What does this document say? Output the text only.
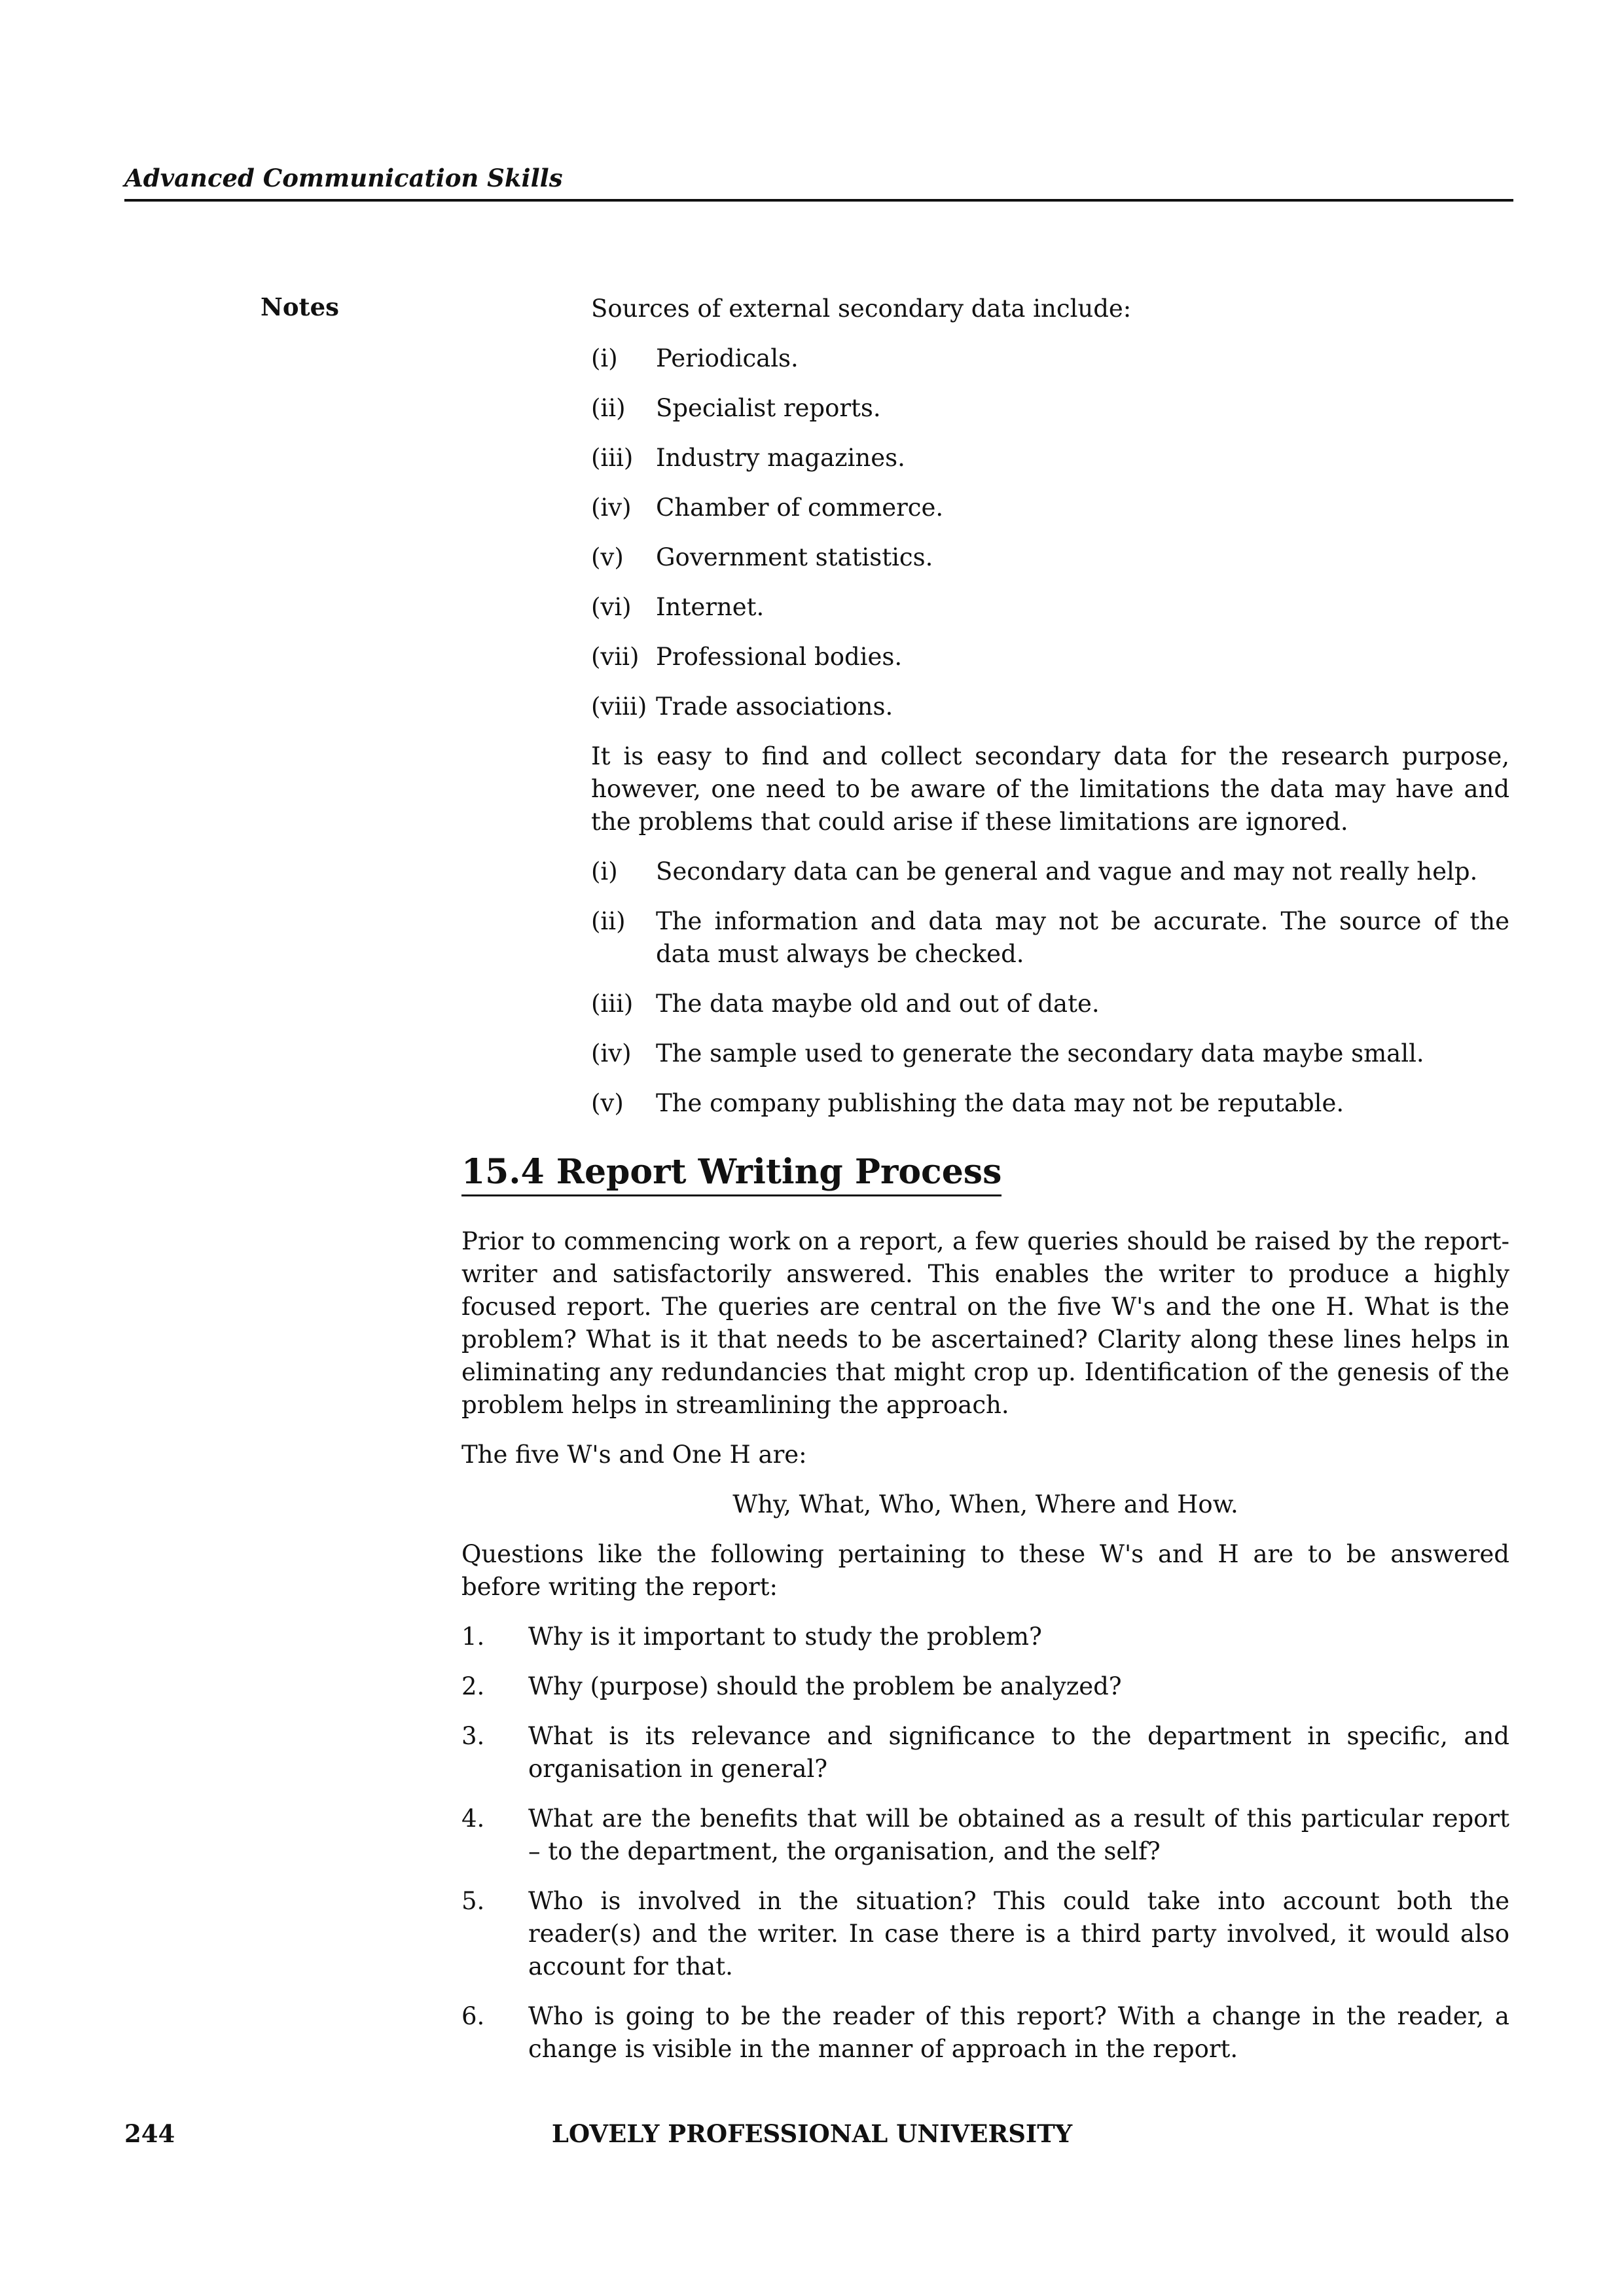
Advanced Communication Skills
Notes	Sources of external secondary data include:

(i)	Periodicals.
(ii)	Specialist reports.
(iii) Industry magazines.
(iv)	Chamber of commerce.
(v)	Government statistics.
(vi)	Internet.
(vii) Professional bodies.
(viii) Trade associations.

It is easy to find and collect secondary data for the research purpose, however, one need to be aware of the limitations the data may have and the problems that could arise if these limitations are ignored.

(i)	Secondary data can be general and vague and may not really help.
(ii)	The information and data may not be accurate. The source of the data must always be checked.
(iii) The data maybe old and out of date.
(iv)	The sample used to generate the secondary data maybe small.
(v)	The company publishing the data may not be reputable.
15.4 Report Writing Process

Prior to commencing work on a report, a few queries should be raised by the report-writer and satisfactorily answered. This enables the writer to produce a highly focused report. The queries are central on the five W's and the one H. What is the problem? What is it that needs to be ascertained? Clarity along these lines helps in eliminating any redundancies that might crop up. Identification of the genesis of the problem helps in streamlining the approach.

The five W's and One H are:

Why, What, Who, When, Where and How.

Questions like the following pertaining to these W's and H are to be answered before writing the report:

1.	Why is it important to study the problem?
2.	Why (purpose) should the problem be analyzed?
3.	What is its relevance and significance to the department in specific, and organisation in general?
4.	What are the benefits that will be obtained as a result of this particular report – to the department, the organisation, and the self?
5.	Who is involved in the situation? This could take into account both the reader(s) and the writer. In case there is a third party involved, it would also account for that.
6.	Who is going to be the reader of this report? With a change in the reader, a change is visible in the manner of approach in the report.
LOVELY PROFESSIONAL UNIVERSITY
244
